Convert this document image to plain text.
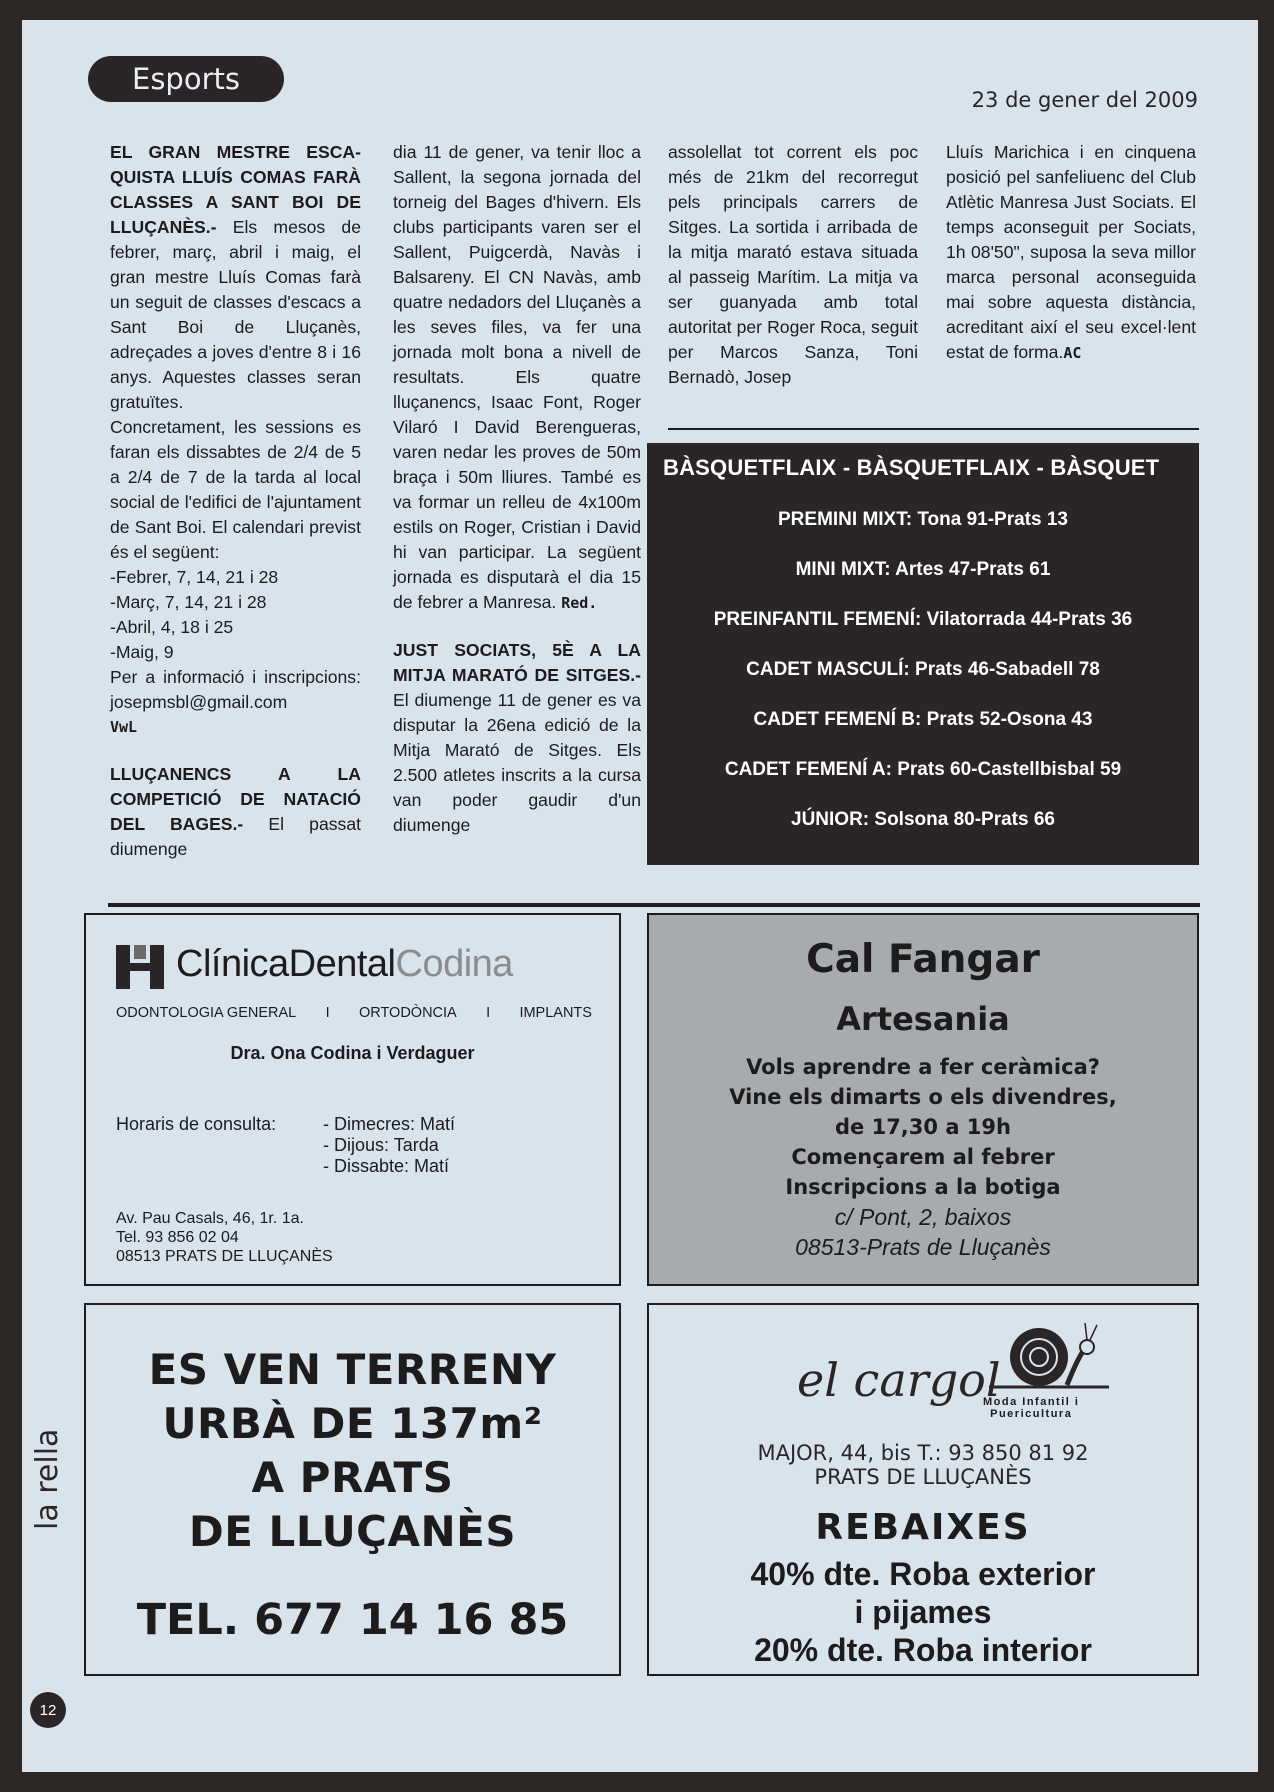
Esports
23 de gener del 2009

EL GRAN MESTRE ESCA-QUISTA LLUÍS COMAS FARÀ CLASSES A SANT BOI DE LLUÇANÈS.- Els mesos de febrer, març, abril i maig, el gran mestre Lluís Comas farà un seguit de classes d'escacs a Sant Boi de Lluçanès, adreçades a joves d'entre 8 i 16 anys. Aquestes classes seran gratuïtes.

Concretament, les sessions es faran els dissabtes de 2/4 de 5 a 2/4 de 7 de la tarda al local social de l'edifici de l'ajuntament de Sant Boi. El calendari previst és el següent:

-Febrer, 7, 14, 21 i 28

-Març, 7, 14, 21 i 28

-Abril, 4, 18 i 25

-Maig, 9

Per a informació i inscripcions: josepmsbl@gmail.com

VwL

LLUÇANENCS A LA COMPETICIÓ DE NATACIÓ DEL BAGES.- El passat diumenge

dia 11 de gener, va tenir lloc a Sallent, la segona jornada del torneig del Bages d'hivern. Els clubs participants varen ser el Sallent, Puigcerdà, Navàs i Balsareny. El CN Navàs, amb quatre nedadors del Lluçanès a les seves files, va fer una jornada molt bona a nivell de resultats. Els quatre lluçanencs, Isaac Font, Roger Vilaró I David Berengueras, varen nedar les proves de 50m braça i 50m lliures. També es va formar un relleu de 4x100m estils on Roger, Cristian i David hi van participar. La següent jornada es disputarà el dia 15 de febrer a Manresa. Red.

JUST SOCIATS, 5È A LA MITJA MARATÓ DE SITGES.- El diumenge 11 de gener es va disputar la 26ena edició de la Mitja Marató de Sitges. Els 2.500 atletes inscrits a la cursa van poder gaudir d'un diumenge

assolellat tot corrent els poc més de 21km del recorregut pels principals carrers de Sitges. La sortida i arribada de la mitja marató estava situada al passeig Marítim. La mitja va ser guanyada amb total autoritat per Roger Roca, seguit per Marcos Sanza, Toni Bernadò, Josep

Lluís Marichica i en cinquena posició pel sanfeliuenc del Club Atlètic Manresa Just Sociats. El temps aconseguit per Sociats, 1h 08'50", suposa la seva millor marca personal aconseguida mai sobre aquesta distància, acreditant així el seu excel·lent estat de forma.AC

BÀSQUETFLAIX - BÀSQUETFLAIX - BÀSQUET
PREMINI MIXT: Tona 91-Prats 13
MINI MIXT: Artes 47-Prats 61
PREINFANTIL FEMENÍ: Vilatorrada 44-Prats 36
CADET MASCULÍ: Prats 46-Sabadell 78
CADET FEMENÍ B: Prats 52-Osona 43
CADET FEMENÍ A: Prats 60-Castellbisbal 59
JÚNIOR: Solsona 80-Prats 66
ClínicaDentalCodina
ODONTOLOGIA GENERAL I ORTODÒNCIA I IMPLANTS
Dra. Ona Codina i Verdaguer
Horaris de consulta:	- Dimecres: Matí
- Dijous: Tarda
- Dissabte: Matí
Av. Pau Casals, 46, 1r. 1a.
Tel. 93 856 02 04
08513 PRATS DE LLUÇANÈS
Cal Fangar
Artesania
Vols aprendre a fer ceràmica?
Vine els dimarts o els divendres,
de 17,30 a 19h
Començarem al febrer
Inscripcions a la botiga
c/ Pont, 2, baixos
08513-Prats de Lluçanès
ES VEN TERRENY
URBÀ DE 137m²
A PRATS
DE LLUÇANÈS
TEL. 677 14 16 85
el cargol
Moda Infantil i
Puericultura
MAJOR, 44, bis T.: 93 850 81 92
PRATS DE LLUÇANÈS
REBAIXES
40% dte. Roba exterior
i pijames
20% dte. Roba interior
la rella
12
